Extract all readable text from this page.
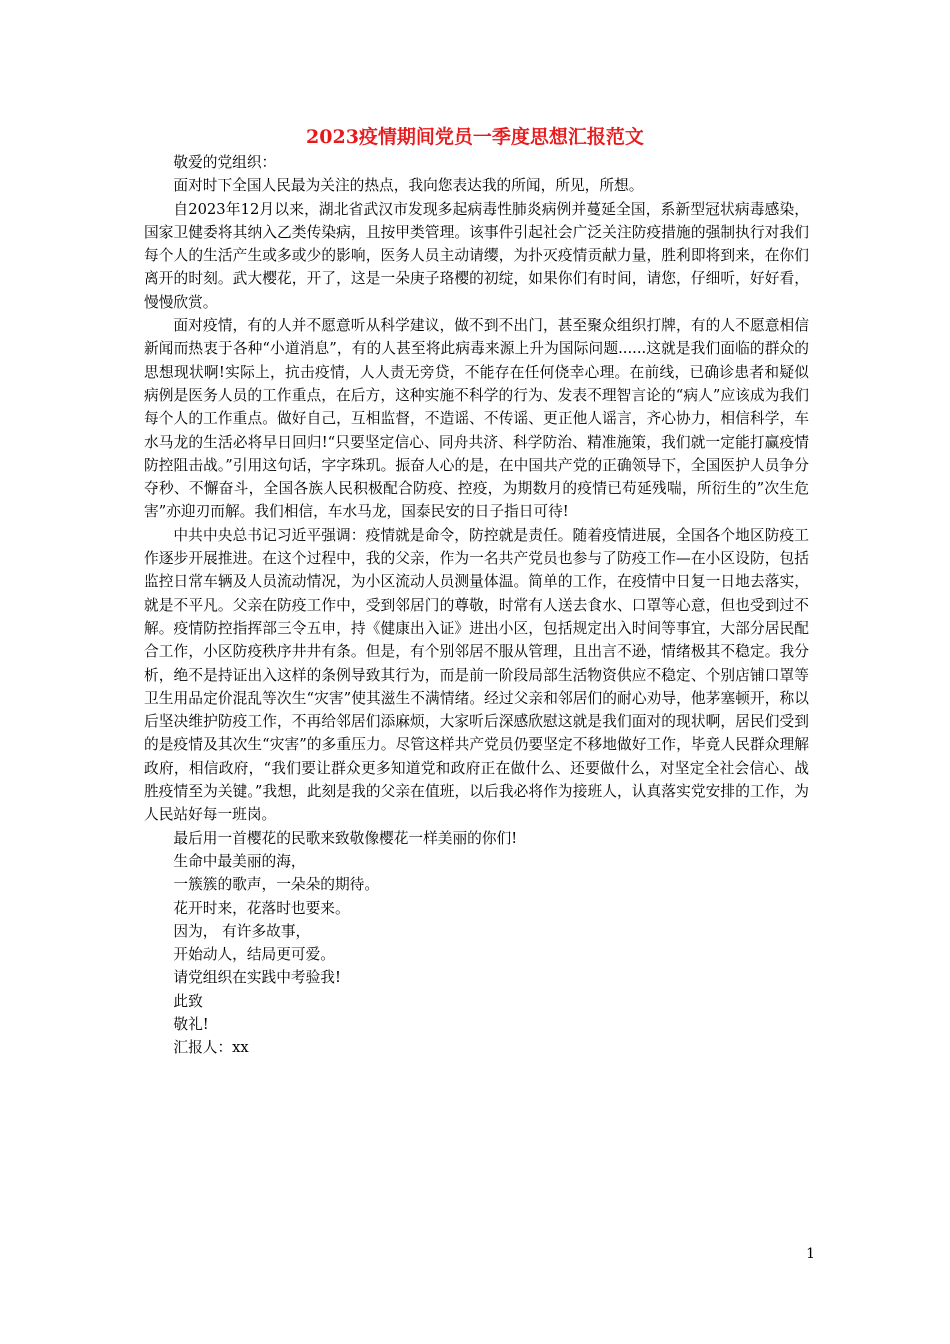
2023疫情期间党员一季度思想汇报范文

敬爱的党组织：

面对时下全国人民最为关注的热点，我向您表达我的所闻，所见，所想。

自2023年12月以来，湖北省武汉市发现多起病毒性肺炎病例并蔓延全国，系新型冠状病毒感染，国家卫健委将其纳入乙类传染病，且按甲类管理。该事件引起社会广泛关注防疫措施的强制执行对我们每个人的生活产生或多或少的影响，医务人员主动请缨，为扑灭疫情贡献力量，胜利即将到来，在你们离开的时刻。武大樱花，开了，这是一朵庚子珞樱的初绽，如果你们有时间，请您，仔细听，好好看，慢慢欣赏。

面对疫情，有的人并不愿意听从科学建议，做不到不出门，甚至聚众组织打牌，有的人不愿意相信新闻而热衷于各种“小道消息”，有的人甚至将此病毒来源上升为国际问题......这就是我们面临的群众的思想现状啊!实际上，抗击疫情，人人责无旁贷，不能存在任何侥幸心理。在前线，已确诊患者和疑似病例是医务人员的工作重点，在后方，这种实施不科学的行为、发表不理智言论的“病人”应该成为我们每个人的工作重点。做好自己，互相监督，不造谣、不传谣、更正他人谣言，齐心协力，相信科学，车水马龙的生活必将早日回归!“只要坚定信心、同舟共济、科学防治、精准施策，我们就一定能打赢疫情防控阻击战。”引用这句话，字字珠玑。振奋人心的是，在中国共产党的正确领导下，全国医护人员争分夺秒、不懈奋斗，全国各族人民积极配合防疫、控疫，为期数月的疫情已苟延残喘，所衍生的”次生危害”亦迎刃而解。我们相信，车水马龙，国泰民安的日子指日可待!

中共中央总书记习近平强调：疫情就是命令，防控就是责任。随着疫情进展，全国各个地区防疫工作逐步开展推进。在这个过程中，我的父亲，作为一名共产党员也参与了防疫工作—在小区设防，包括监控日常车辆及人员流动情况，为小区流动人员测量体温。简单的工作，在疫情中日复一日地去落实，就是不平凡。父亲在防疫工作中，受到邻居门的尊敬，时常有人送去食水、口罩等心意，但也受到过不解。疫情防控指挥部三令五申，持《健康出入证》进出小区，包括规定出入时间等事宜，大部分居民配合工作，小区防疫秩序井井有条。但是，有个别邻居不服从管理，且出言不逊，情绪极其不稳定。我分析，绝不是持证出入这样的条例导致其行为，而是前一阶段局部生活物资供应不稳定、个别店铺口罩等卫生用品定价混乱等次生“灾害”使其滋生不满情绪。经过父亲和邻居们的耐心劝导，他茅塞顿开，称以后坚决维护防疫工作，不再给邻居们添麻烦，大家听后深感欣慰这就是我们面对的现状啊，居民们受到的是疫情及其次生“灾害”的多重压力。尽管这样共产党员仍要坚定不移地做好工作，毕竟人民群众理解政府，相信政府，“我们要让群众更多知道党和政府正在做什么、还要做什么，对坚定全社会信心、战胜疫情至为关键。”我想，此刻是我的父亲在值班，以后我必将作为接班人，认真落实党安排的工作，为人民站好每一班岗。

最后用一首樱花的民歌来致敬像樱花一样美丽的你们!

生命中最美丽的海，

一簇簇的歌声，一朵朵的期待。

花开时来，花落时也要来。

因为， 有许多故事，

开始动人，结局更可爱。

请党组织在实践中考验我!

此致

敬礼!

汇报人：xx

1
